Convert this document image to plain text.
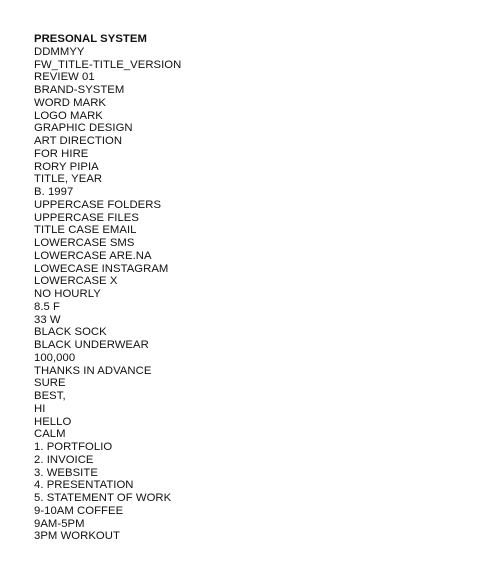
PRESONAL SYSTEM
DDMMYY
FW_TITLE-TITLE_VERSION
REVIEW 01
BRAND-SYSTEM
WORD MARK
LOGO MARK
GRAPHIC DESIGN
ART DIRECTION
FOR HIRE
RORY PIPIA
TITLE, YEAR
B. 1997
UPPERCASE FOLDERS
UPPERCASE FILES
TITLE CASE EMAIL
LOWERCASE SMS
LOWERCASE ARE.NA
LOWECASE INSTAGRAM
LOWERCASE X
NO HOURLY
8.5 F
33 W
BLACK SOCK
BLACK UNDERWEAR
100,000
THANKS IN ADVANCE
SURE
BEST,
HI
HELLO
CALM
1. PORTFOLIO
2. INVOICE
3. WEBSITE
4. PRESENTATION
5. STATEMENT OF WORK
9-10AM COFFEE
9AM-5PM
3PM WORKOUT
